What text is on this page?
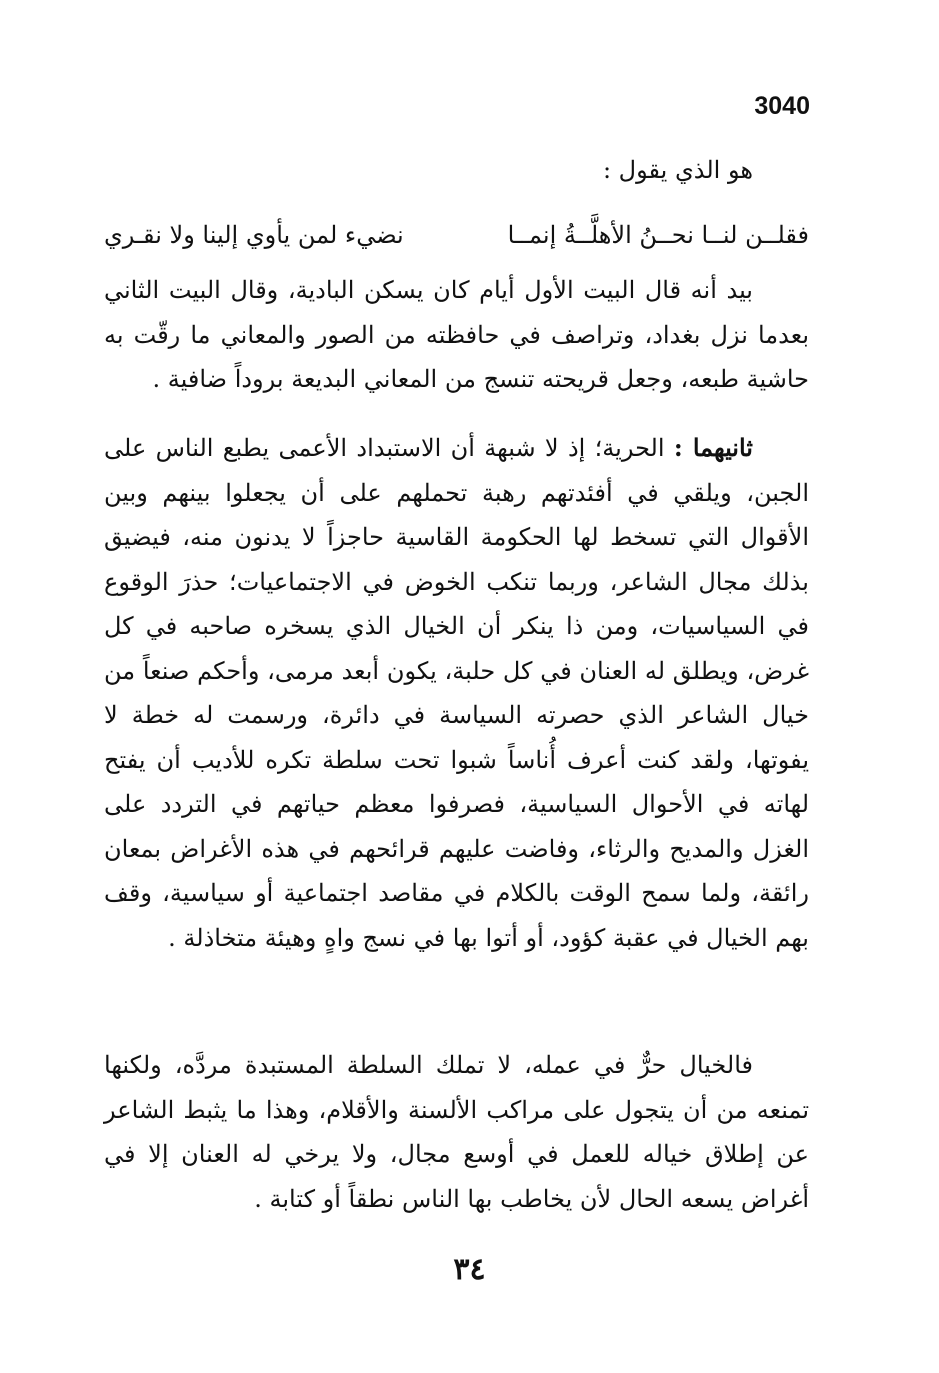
3040
هو الذي يقول :
فقلــن لنــا نحــنُ الأهلَّــةُ إنمــا
نضيء لمن يأوي إلينا ولا نقـري

بيد أنه قال البيت الأول أيام كان يسكن البادية، وقال البيت الثاني بعدما نزل بغداد، وتراصف في حافظته من الصور والمعاني ما رقّت به حاشية طبعه، وجعل قريحته تنسج من المعاني البديعة بروداً ضافية .

ثانيهما : الحرية؛ إذ لا شبهة أن الاستبداد الأعمى يطبع الناس على الجبن، ويلقي في أفئدتهم رهبة تحملهم على أن يجعلوا بينهم وبين الأقوال التي تسخط لها الحكومة القاسية حاجزاً لا يدنون منه، فيضيق بذلك مجال الشاعر، وربما تنكب الخوض في الاجتماعيات؛ حذرَ الوقوع في السياسيات، ومن ذا ينكر أن الخيال الذي يسخره صاحبه في كل غرض، ويطلق له العنان في كل حلبة، يكون أبعد مرمى، وأحكم صنعاً من خيال الشاعر الذي حصرته السياسة في دائرة، ورسمت له خطة لا يفوتها، ولقد كنت أعرف أُناساً شبوا تحت سلطة تكره للأديب أن يفتح لهاته في الأحوال السياسية، فصرفوا معظم حياتهم في التردد على الغزل والمديح والرثاء، وفاضت عليهم قرائحهم في هذه الأغراض بمعان رائقة، ولما سمح الوقت بالكلام في مقاصد اجتماعية أو سياسية، وقف بهم الخيال في عقبة كؤود، أو أتوا بها في نسج واهٍ وهيئة متخاذلة .

فالخيال حرٌّ في عمله، لا تملك السلطة المستبدة مردَّه، ولكنها تمنعه من أن يتجول على مراكب الألسنة والأقلام، وهذا ما يثبط الشاعر عن إطلاق خياله للعمل في أوسع مجال، ولا يرخي له العنان إلا في أغراض يسعه الحال لأن يخاطب بها الناس نطقاً أو كتابة .

٣٤
